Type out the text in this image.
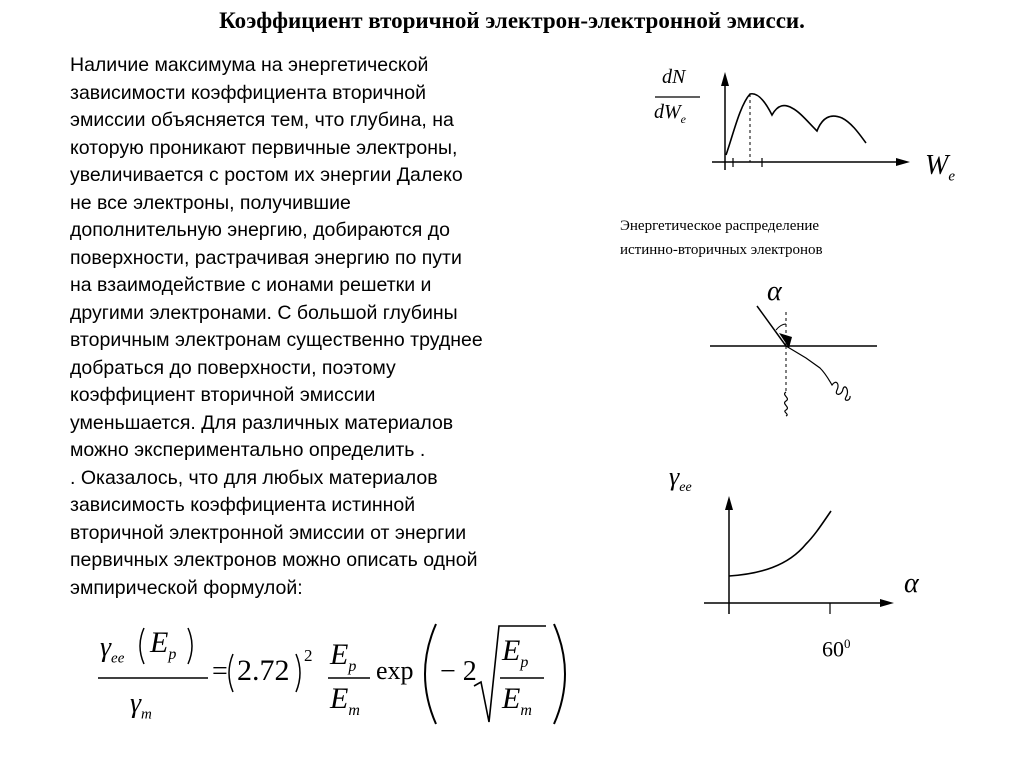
Коэффициент вторичной электрон-электронной эмисси.
Наличие максимума на энергетической
зависимости коэффициента вторичной
эмиссии объясняется тем, что глубина, на
которую проникают первичные электроны,
увеличивается с ростом их энергии Далеко
не все электроны, получившие
дополнительную энергию, добираются до
поверхности, растрачивая энергию по пути
на взаимодействие с ионами решетки и
другими электронами. С большой глубины
вторичным электронам существенно труднее
добраться до поверхности, поэтому
коэффициент вторичной эмиссии
уменьшается. Для различных материалов
можно экспериментально определить .
. Оказалось, что для любых материалов
зависимость коэффициента истинной
вторичной электронной эмиссии от энергии
первичных электронов можно описать одной
эмпирической формулой:
dN
$dW_e$
$W_e$
Энергетическое распределение
истинно-вторичных электронов
α
$\gamma_{ee}$
α
$60^0$
$\gamma_{ee}$ $E_p$
$\gamma_m$
= 2.72 2 $E_p$
$E_m$
exp − 2
$E_p$
$E_m$
